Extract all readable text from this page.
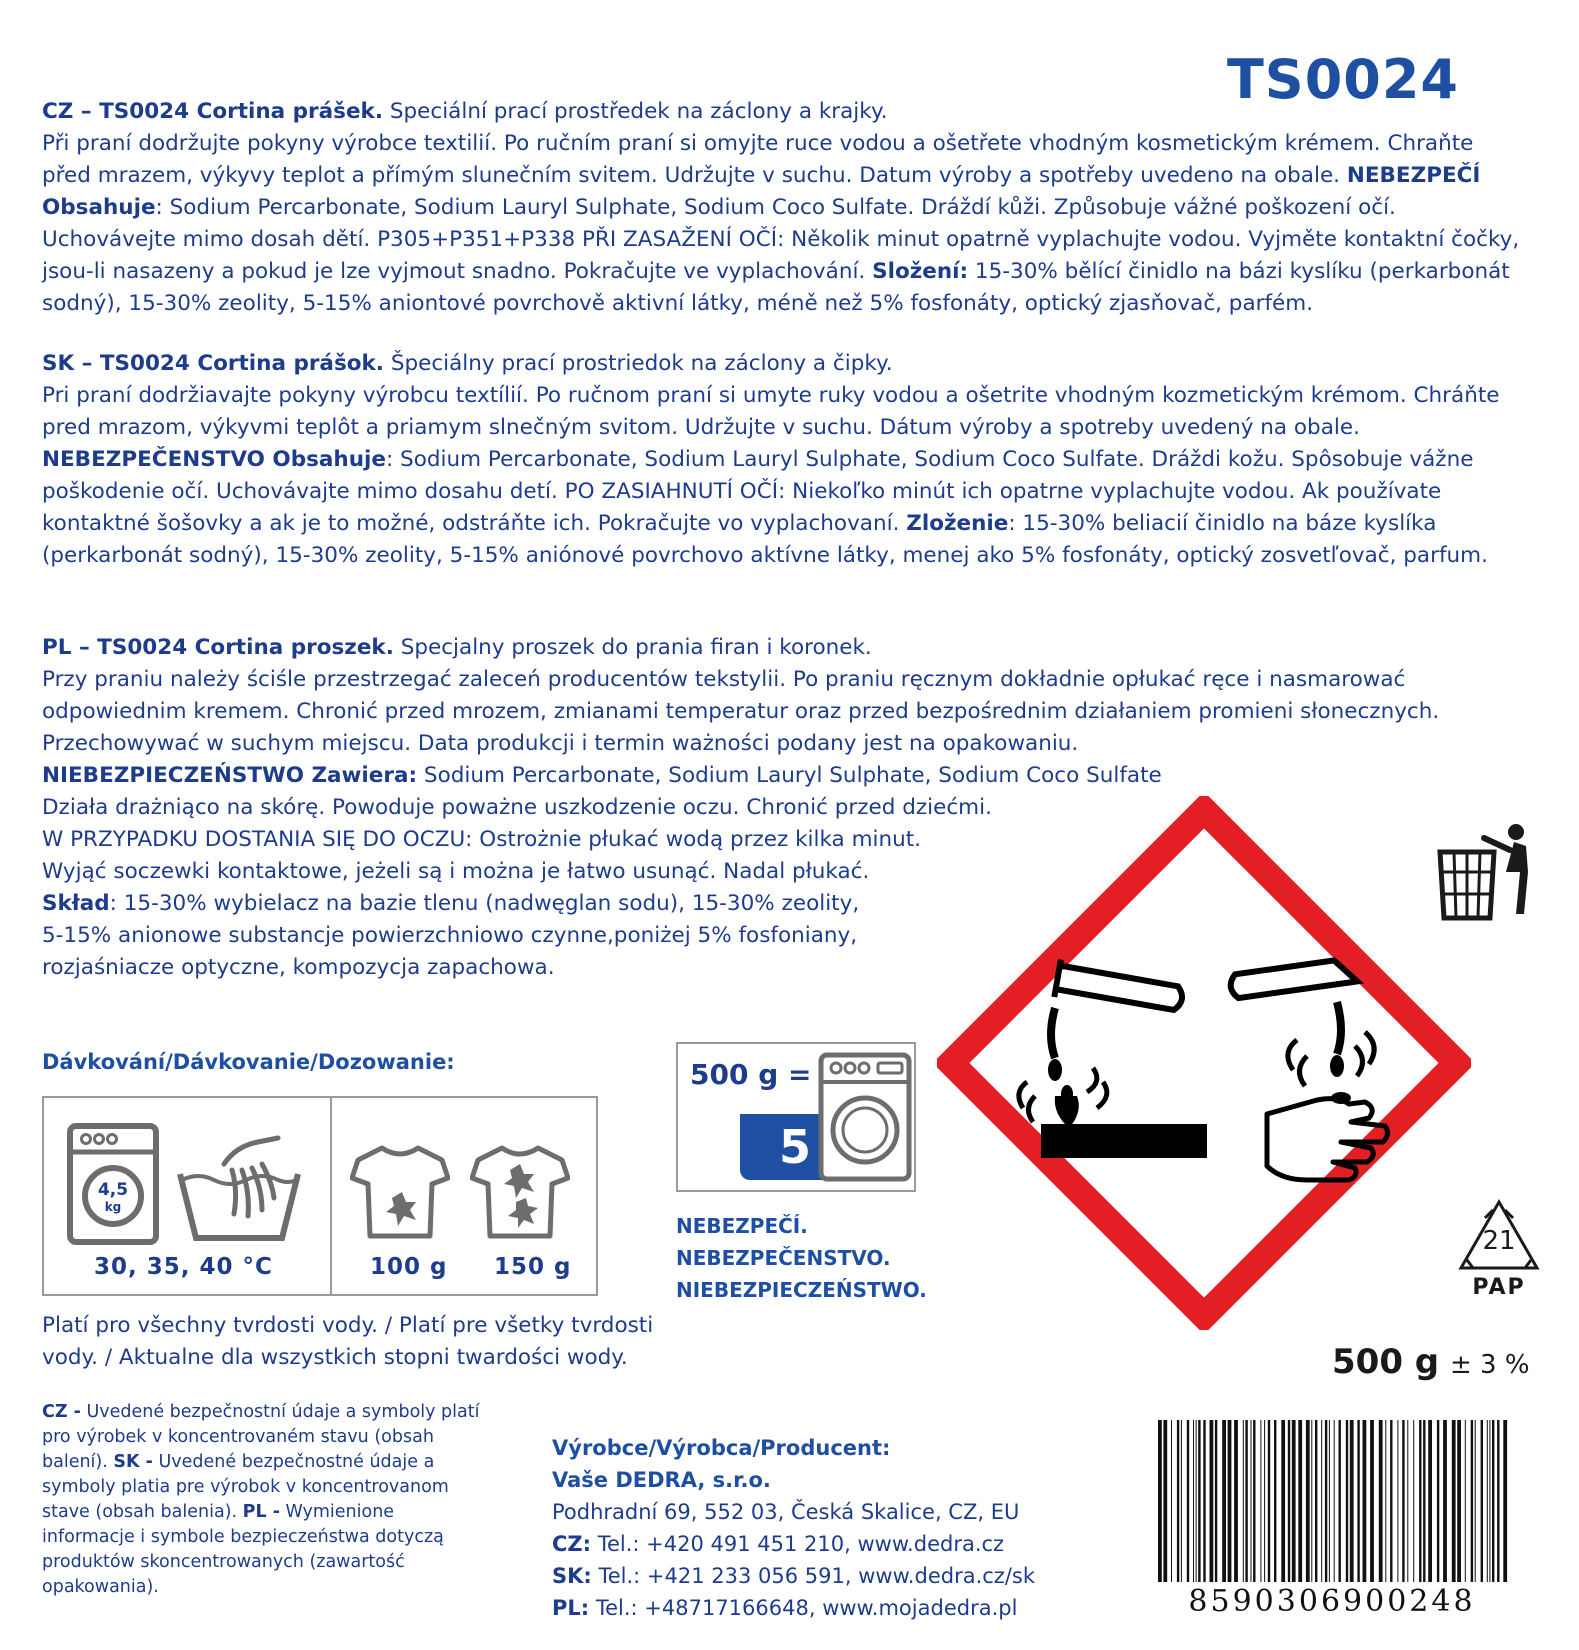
TS0024

CZ – TS0024 Cortina prášek. Speciální prací prostředek na záclony a krajky.

Při praní dodržujte pokyny výrobce textilií. Po ručním praní si omyjte ruce vodou a ošetřete vhodným kosmetickým krémem. Chraňte před mrazem, výkyvy teplot a přímým slunečním svitem. Udržujte v suchu. Datum výroby a spotřeby uvedeno na obale. NEBEZPEČÍ Obsahuje: Sodium Percarbonate, Sodium Lauryl Sulphate, Sodium Coco Sulfate. Dráždí kůži. Způsobuje vážné poškození očí. Uchovávejte mimo dosah dětí. P305+P351+P338 PŘI ZASAŽENÍ OČÍ: Několik minut opatrně vyplachujte vodou. Vyjměte kontaktní čočky, jsou-li nasazeny a pokud je lze vyjmout snadno. Pokračujte ve vyplachování. Složení: 15-30% bělící činidlo na bázi kyslíku (perkarbonát sodný), 15-30% zeolity, 5-15% aniontové povrchově aktivní látky, méně než 5% fosfonáty, optický zjasňovač, parfém.

SK – TS0024 Cortina prášok. Špeciálny prací prostriedok na záclony a čipky.

Pri praní dodržiavajte pokyny výrobcu textílií. Po ručnom praní si umyte ruky vodou a ošetrite vhodným kozmetickým krémom. Chráňte pred mrazom, výkyvmi teplôt a priamym slnečným svitom. Udržujte v suchu. Dátum výroby a spotreby uvedený na obale. NEBEZPEČENSTVO Obsahuje: Sodium Percarbonate, Sodium Lauryl Sulphate, Sodium Coco Sulfate. Dráždi kožu. Spôsobuje vážne poškodenie očí. Uchovávajte mimo dosahu detí. PO ZASIAHNUTÍ OČÍ: Niekoľko minút ich opatrne vyplachujte vodou. Ak používate kontaktné šošovky a ak je to možné, odstráňte ich. Pokračujte vo vyplachovaní. Zloženie: 15-30% beliacií činidlo na báze kyslíka (perkarbonát sodný), 15-30% zeolity, 5-15% aniónové povrchovo aktívne látky, menej ako 5% fosfonáty, optický zosvetľovač, parfum.

PL – TS0024 Cortina proszek. Specjalny proszek do prania firan i koronek.

Przy praniu należy ściśle przestrzegać zaleceń producentów tekstylii. Po praniu ręcznym dokładnie opłukać ręce i nasmarować

odpowiednim kremem. Chronić przed mrozem, zmianami temperatur oraz przed bezpośrednim działaniem promieni słonecznych.

Przechowywać w suchym miejscu. Data produkcji i termin ważności podany jest na opakowaniu.

NIEBEZPIECZEŃSTWO Zawiera: Sodium Percarbonate, Sodium Lauryl Sulphate, Sodium Coco Sulfate

Działa drażniąco na skórę. Powoduje poważne uszkodzenie oczu. Chronić przed dziećmi.

W PRZYPADKU DOSTANIA SIĘ DO OCZU: Ostrożnie płukać wodą przez kilka minut.

Wyjąć soczewki kontaktowe, jeżeli są i można je łatwo usunąć. Nadal płukać.

Skład: 15-30% wybielacz na bazie tlenu (nadwęglan sodu), 15-30% zeolity,

5-15% anionowe substancje powierzchniowo czynne,poniżej 5% fosfoniany,

rozjaśniacze optyczne, kompozycja zapachowa.

Dávkování/Dávkovanie/Dozowanie:
4,5
kg
30, 35, 40 °C	100 g 150 g
500 g =
5
NEBEZPEČÍ.
NEBEZPEČENSTVO.
NIEBEZPIECZEŃSTWO.
21
PAP
Platí pro všechny tvrdosti vody. / Platí pre všetky tvrdosti vody. / Aktualne dla wszystkich stopni twardości wody.	500 g ± 3 %
CZ - Uvedené bezpečnostní údaje a symboly platí pro výrobek v koncentrovaném stavu (obsah balení). SK - Uvedené bezpečnostné údaje a symboly platia pre výrobok v koncentrovanom stave (obsah balenia). PL - Wymienione informacje i symbole bezpieczeństwa dotyczą produktów skoncentrowanych (zawartość opakowania).
Výrobce/Výrobca/Producent:
Vaše DEDRA, s.r.o.
Podhradní 69, 552 03, Česká Skalice, CZ, EU
CZ: Tel.: +420 491 451 210, www.dedra.cz
SK: Tel.: +421 233 056 591, www.dedra.cz/sk
PL: Tel.: +48717166648, www.mojadedra.pl	8590306900248
